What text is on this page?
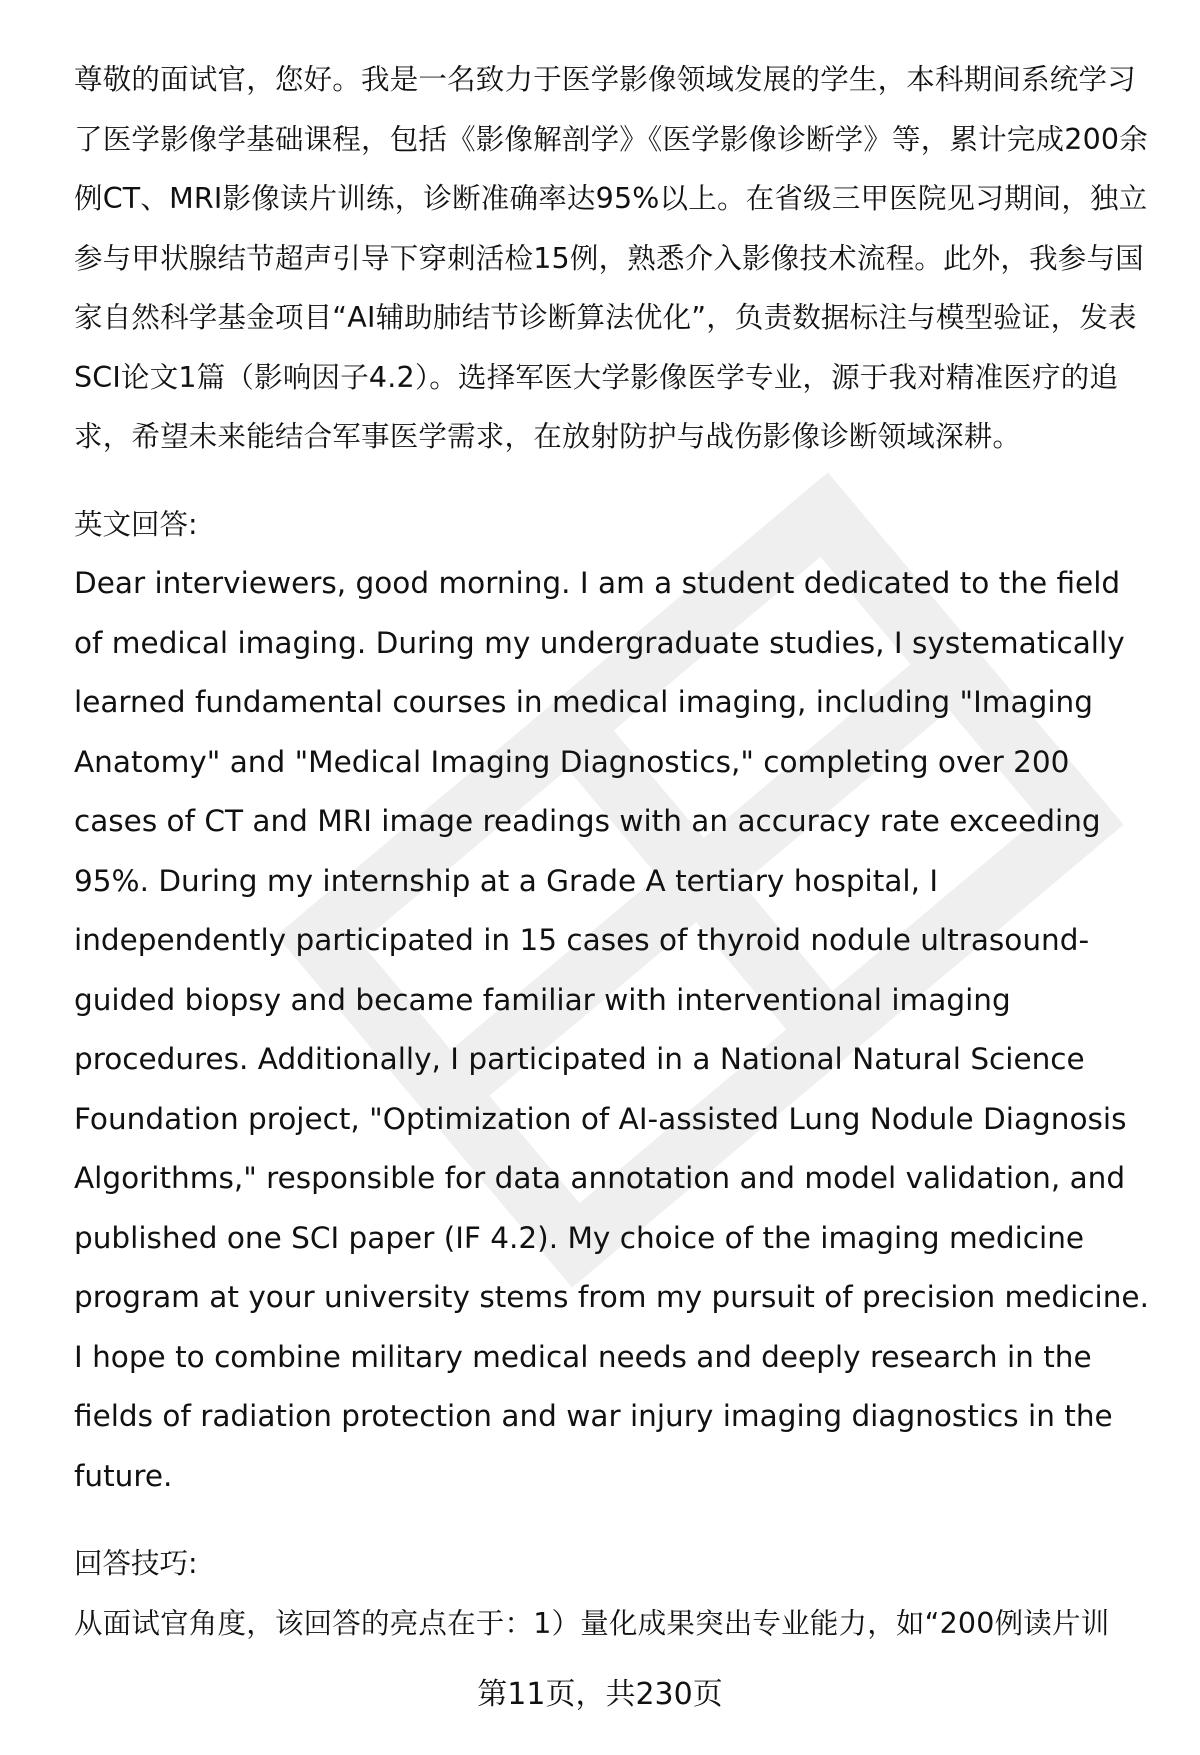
尊敬的面试官，您好。我是一名致力于医学影像领域发展的学生，本科期间系统学习了医学影像学基础课程，包括《影像解剖学》《医学影像诊断学》等，累计完成200余例CT、MRI影像读片训练，诊断准确率达95%以上。在省级三甲医院见习期间，独立参与甲状腺结节超声引导下穿刺活检15例，熟悉介入影像技术流程。此外，我参与国家自然科学基金项目“AI辅助肺结节诊断算法优化”，负责数据标注与模型验证，发表SCI论文1篇（影响因子4.2）。选择军医大学影像医学专业，源于我对精准医疗的追求，希望未来能结合军事医学需求，在放射防护与战伤影像诊断领域深耕。

英文回答:

Dear interviewers, good morning. I am a student dedicated to the field of medical imaging. During my undergraduate studies, I systematically learned fundamental courses in medical imaging, including "Imaging Anatomy" and "Medical Imaging Diagnostics," completing over 200 cases of CT and MRI image readings with an accuracy rate exceeding 95%. During my internship at a Grade A tertiary hospital, I independently participated in 15 cases of thyroid nodule ultrasound-guided biopsy and became familiar with interventional imaging procedures. Additionally, I participated in a National Natural Science Foundation project, "Optimization of AI-assisted Lung Nodule Diagnosis Algorithms," responsible for data annotation and model validation, and published one SCI paper (IF 4.2). My choice of the imaging medicine program at your university stems from my pursuit of precision medicine. I hope to combine military medical needs and deeply research in the fields of radiation protection and war injury imaging diagnostics in the future.

回答技巧:

从面试官角度，该回答的亮点在于：1）量化成果突出专业能力，如“200例读片训

第11页，共230页
